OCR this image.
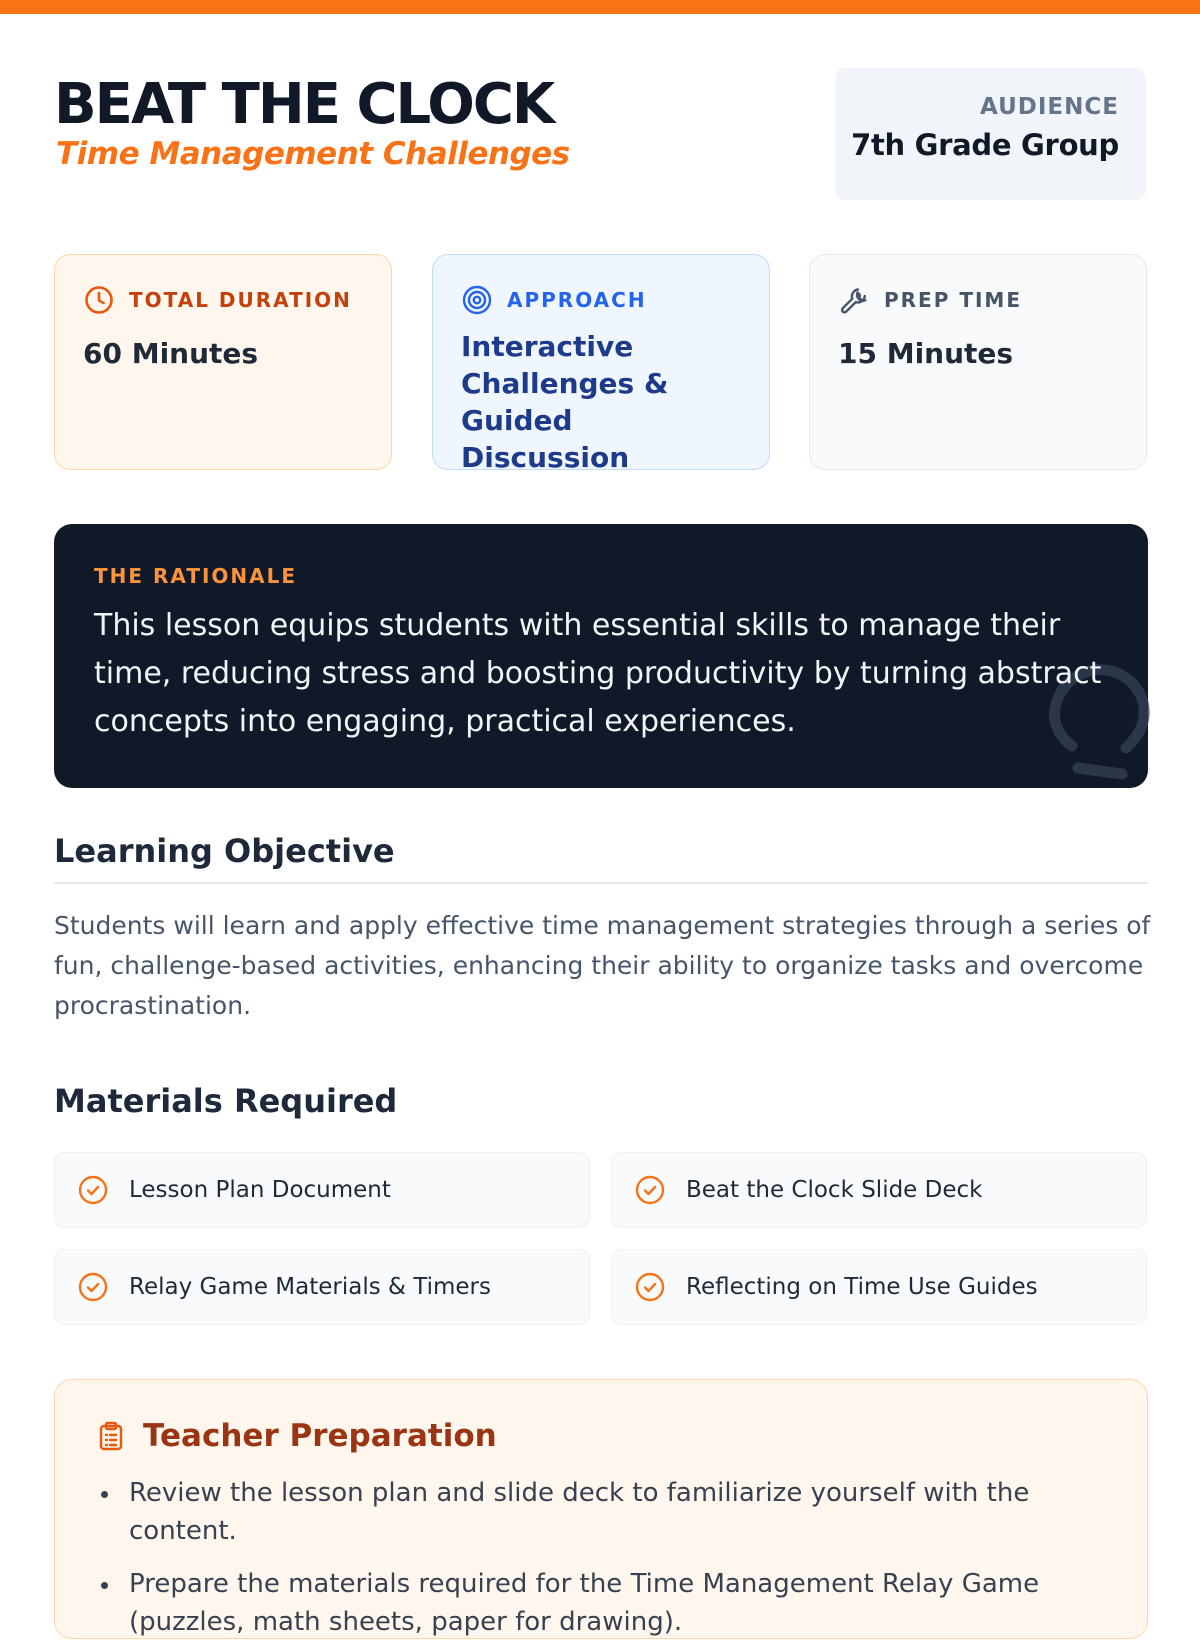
BEAT THE CLOCK
Time Management Challenges
AUDIENCE
7th Grade Group
TOTAL DURATION
60 Minutes
APPROACH
Interactive Challenges & Guided Discussion
PREP TIME
15 Minutes
THE RATIONALE
This lesson equips students with essential skills to manage their time, reducing stress and boosting productivity by turning abstract concepts into engaging, practical experiences.
Learning Objective
Students will learn and apply effective time management strategies through a series of fun, challenge-based activities, enhancing their ability to organize tasks and overcome procrastination.
Materials Required
Lesson Plan Document	Beat the Clock Slide Deck
Relay Game Materials & Timers	Reflecting on Time Use Guides
Teacher Preparation
Review the lesson plan and slide deck to familiarize yourself with the content.
Prepare the materials required for the Time Management Relay Game (puzzles, math sheets, paper for drawing).
